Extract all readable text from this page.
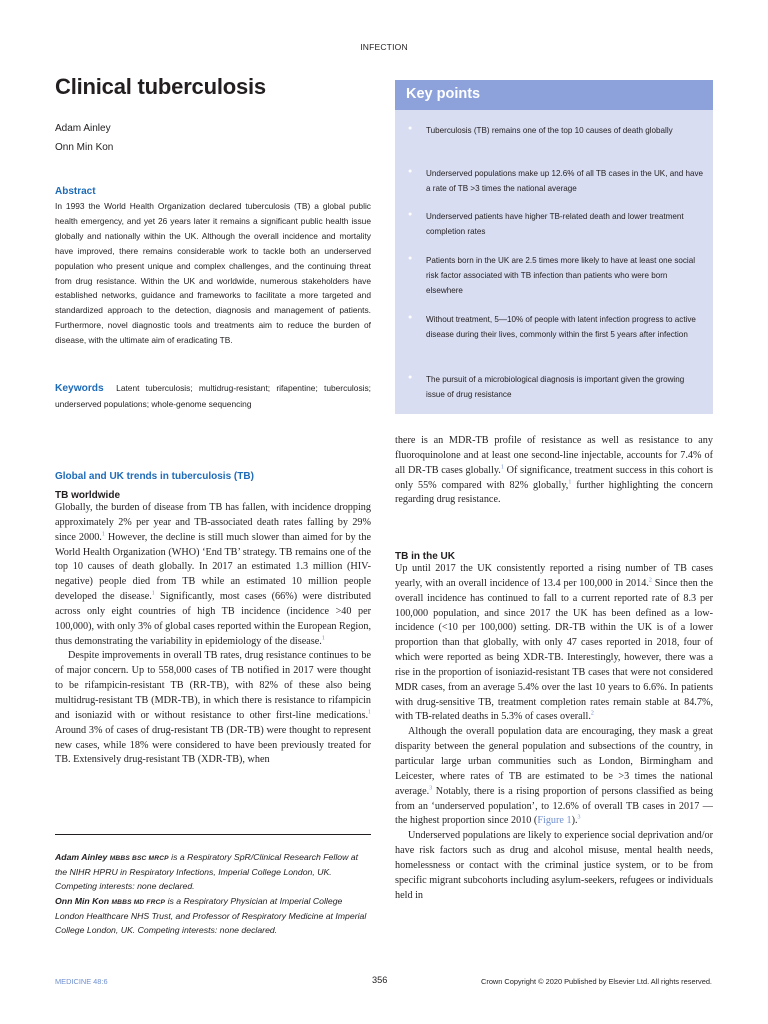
INFECTION
Clinical tuberculosis
Adam Ainley
Onn Min Kon
Abstract

In 1993 the World Health Organization declared tuberculosis (TB) a global public health emergency, and yet 26 years later it remains a significant public health issue globally and nationally within the UK. Although the overall incidence and mortality have improved, there remains considerable work to tackle both an underserved population who present unique and complex challenges, and the continuing threat from drug resistance. Within the UK and worldwide, numerous stakeholders have established networks, guidance and frameworks to facilitate a more targeted and standardized approach to the detection, diagnosis and management of patients. Furthermore, novel diagnostic tools and treatments aim to reduce the burden of disease, with the ultimate aim of eradicating TB.

Keywords Latent tuberculosis; multidrug-resistant; rifapentine; tuberculosis; underserved populations; whole-genome sequencing

Key points
● Tuberculosis (TB) remains one of the top 10 causes of death globally
● Underserved populations make up 12.6% of all TB cases in the UK, and have a rate of TB >3 times the national average
● Underserved patients have higher TB-related death and lower treatment completion rates
● Patients born in the UK are 2.5 times more likely to have at least one social risk factor associated with TB infection than patients who were born elsewhere
● Without treatment, 5—10% of people with latent infection progress to active disease during their lives, commonly within the first 5 years after infection
● The pursuit of a microbiological diagnosis is important given the growing issue of drug resistance
Global and UK trends in tuberculosis (TB)
TB worldwide

Globally, the burden of disease from TB has fallen, with incidence dropping approximately 2% per year and TB-associated death rates falling by 29% since 2000.$^1$ However, the decline is still much slower than aimed for by the World Health Organization (WHO) ‘End TB’ strategy. TB remains one of the top 10 causes of death globally. In 2017 an estimated 1.3 million (HIV-negative) people died from TB while an estimated 10 million people developed the disease.$^1$ Significantly, most cases (66%) were distributed across only eight countries of high TB incidence (incidence >40 per 100,000), with only 3% of global cases reported within the European Region, thus demonstrating the variability in epidemiology of the disease.$^1$

Despite improvements in overall TB rates, drug resistance continues to be of major concern. Up to 558,000 cases of TB notified in 2017 were thought to be rifampicin-resistant TB (RR-TB), with 82% of these also being multidrug-resistant TB (MDR-TB), in which there is resistance to rifampicin and isoniazid with or without resistance to other first-line medications.$^1$ Around 3% of cases of drug-resistant TB (DR-TB) were thought to represent new cases, while 18% were considered to have been previously treated for TB. Extensively drug-resistant TB (XDR-TB), when

Adam Ainley MBBS BSC MRCP is a Respiratory SpR/Clinical Research Fellow at the NIHR HPRU in Respiratory Infections, Imperial College London, UK. Competing interests: none declared.
Onn Min Kon MBBS MD FRCP is a Respiratory Physician at Imperial College London Healthcare NHS Trust, and Professor of Respiratory Medicine at Imperial College London, UK. Competing interests: none declared.

there is an MDR-TB profile of resistance as well as resistance to any fluoroquinolone and at least one second-line injectable, accounts for 7.4% of all DR-TB cases globally.$^1$ Of significance, treatment success in this cohort is only 55% compared with 82% globally,$^1$ further highlighting the concern regarding drug resistance.

TB in the UK

Up until 2017 the UK consistently reported a rising number of TB cases yearly, with an overall incidence of 13.4 per 100,000 in 2014.$^2$ Since then the overall incidence has continued to fall to a current reported rate of 8.3 per 100,000 population, and since 2017 the UK has been defined as a low-incidence (<10 per 100,000) setting. DR-TB within the UK is of a lower proportion than that globally, with only 47 cases reported in 2018, four of which were reported as being XDR-TB. Interestingly, however, there was a rise in the proportion of isoniazid-resistant TB cases that were not considered MDR cases, from an average 5.4% over the last 10 years to 6.6%. In patients with drug-sensitive TB, treatment completion rates remain stable at 84.7%, with TB-related deaths in 5.3% of cases overall.$^2$

Although the overall population data are encouraging, they mask a great disparity between the general population and subsections of the country, in particular large urban communities such as London, Birmingham and Leicester, where rates of TB are estimated to be >3 times the national average.$^3$ Notably, there is a rising proportion of persons classified as being from an ‘underserved population’, to 12.6% of overall TB cases in 2017 — the highest proportion since 2010 (Figure 1).$^3$

Underserved populations are likely to experience social deprivation and/or have risk factors such as drug and alcohol misuse, mental health needs, homelessness or contact with the criminal justice system, or to be from specific migrant subcohorts including asylum-seekers, refugees or individuals held in

MEDICINE 48:6	356	Crown Copyright © 2020 Published by Elsevier Ltd. All rights reserved.
